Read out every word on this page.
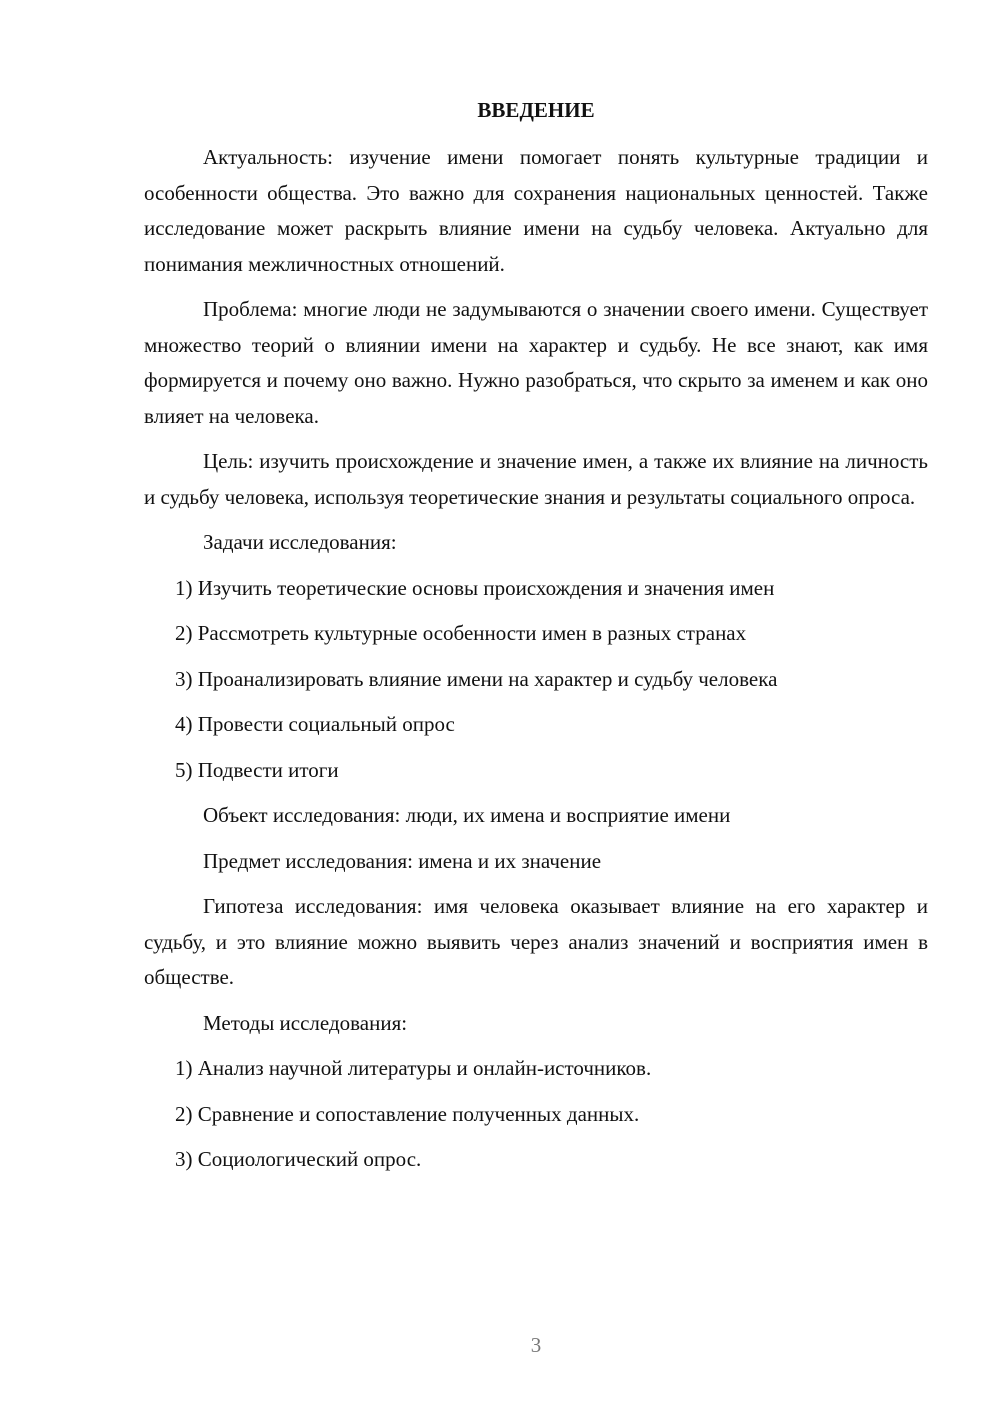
ВВЕДЕНИЕ

Актуальность: изучение имени помогает понять культурные традиции и особенности общества. Это важно для сохранения национальных ценностей. Также исследование может раскрыть влияние имени на судьбу человека. Актуально для понимания межличностных отношений.

Проблема: многие люди не задумываются о значении своего имени. Существует множество теорий о влиянии имени на характер и судьбу. Не все знают, как имя формируется и почему оно важно. Нужно разобраться, что скрыто за именем и как оно влияет на человека.

Цель: изучить происхождение и значение имен, а также их влияние на личность и судьбу человека, используя теоретические знания и результаты социального опроса.

Задачи исследования:

1) Изучить теоретические основы происхождения и значения имен

2) Рассмотреть культурные особенности имен в разных странах

3) Проанализировать влияние имени на характер и судьбу человека

4) Провести социальный опрос

5) Подвести итоги

Объект исследования: люди, их имена и восприятие имени

Предмет исследования: имена и их значение

Гипотеза исследования: имя человека оказывает влияние на его характер и судьбу, и это влияние можно выявить через анализ значений и восприятия имен в обществе.

Методы исследования:

1) Анализ научной литературы и онлайн-источников.

2) Сравнение и сопоставление полученных данных.

3) Социологический опрос.

3
